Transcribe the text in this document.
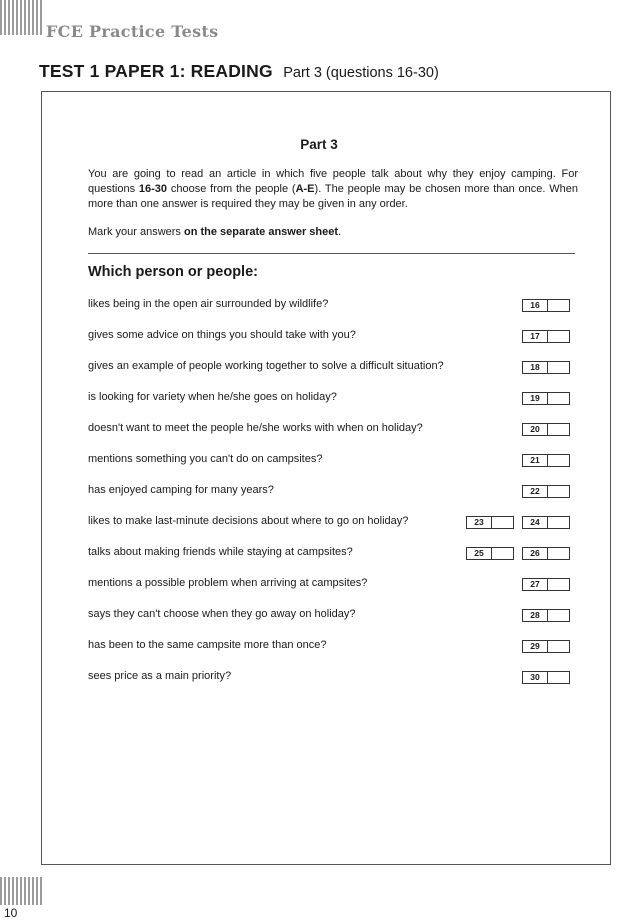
FCE Practice Tests
TEST 1 PAPER 1: READING Part 3 (questions 16-30)
Part 3
You are going to read an article in which five people talk about why they enjoy camping. For questions 16-30 choose from the people (A-E). The people may be chosen more than once. When more than one answer is required they may be given in any order.
Mark your answers on the separate answer sheet.
Which person or people:
likes being in the open air surrounded by wildlife?	16
gives some advice on things you should take with you?	17
gives an example of people working together to solve a difficult situation?	18
is looking for variety when he/she goes on holiday?	19
doesn't want to meet the people he/she works with when on holiday?	20
mentions something you can't do on campsites?	21
has enjoyed camping for many years?	22
likes to make last-minute decisions about where to go on holiday?	23	24
talks about making friends while staying at campsites?	25	26
mentions a possible problem when arriving at campsites?	27
says they can't choose when they go away on holiday?	28
has been to the same campsite more than once?	29
sees price as a main priority?	30
10
